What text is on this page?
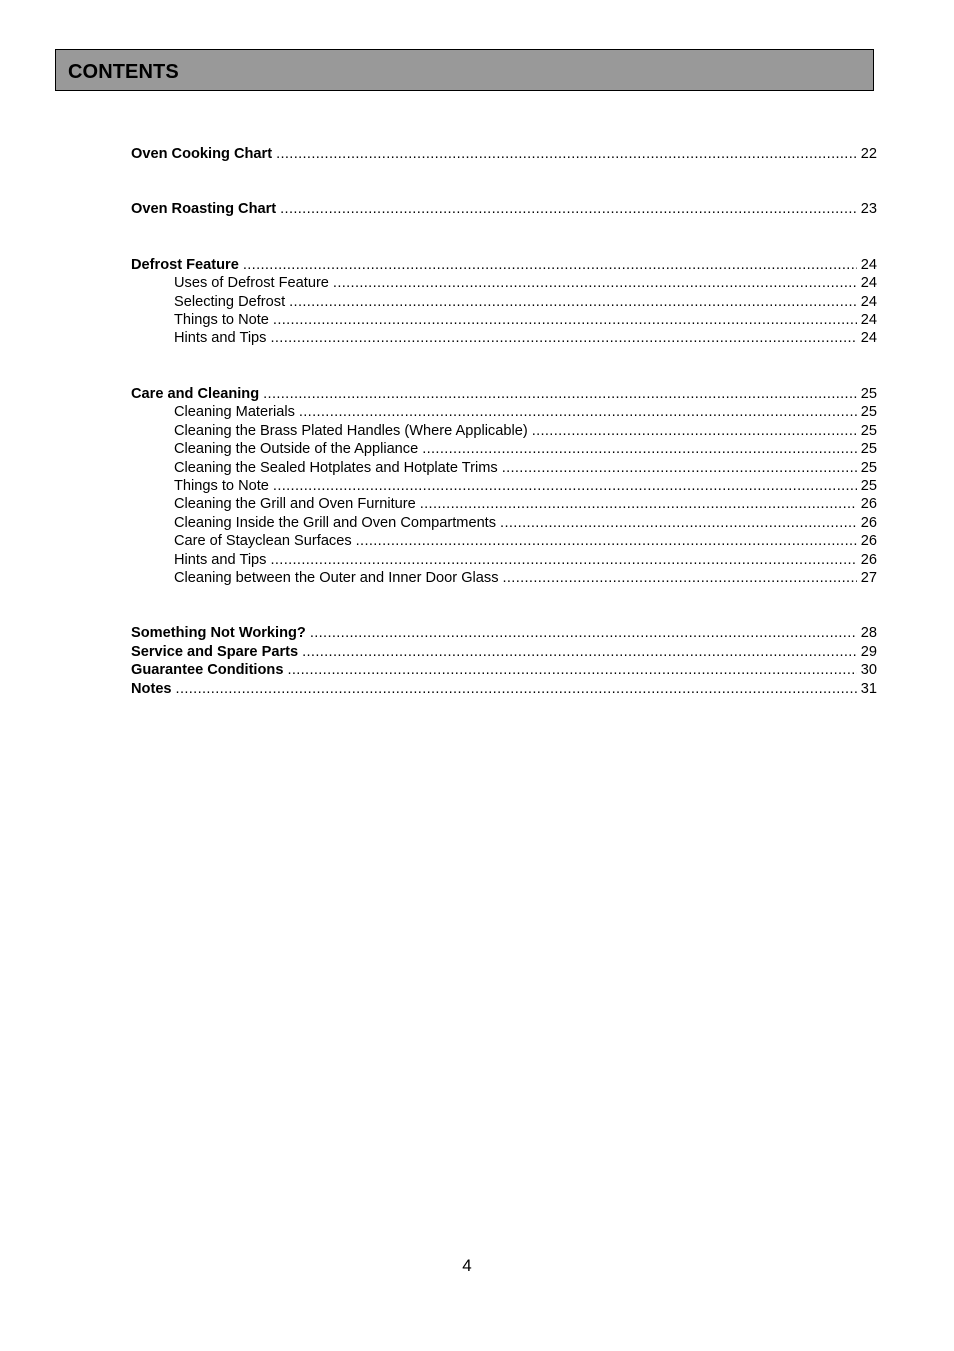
CONTENTS
Oven Cooking Chart .....	22
Oven Roasting Chart .....	23
Defrost Feature .....	24
Uses of Defrost Feature .....	24
Selecting Defrost .....	24
Things to Note .....	24
Hints and Tips .....	24
Care and Cleaning .....	25
Cleaning Materials .....	25
Cleaning the Brass Plated Handles (Where Applicable) .....	25
Cleaning the Outside of the Appliance .....	25
Cleaning the Sealed Hotplates and Hotplate Trims .....	25
Things to Note .....	25
Cleaning the Grill and Oven Furniture .....	26
Cleaning Inside the Grill and Oven Compartments .....	26
Care of Stayclean Surfaces .....	26
Hints and Tips .....	26
Cleaning between the Outer and Inner Door Glass .....	27
Something Not Working? .....	28
Service and Spare Parts .....	29
Guarantee Conditions .....	30
Notes .....	31
4
